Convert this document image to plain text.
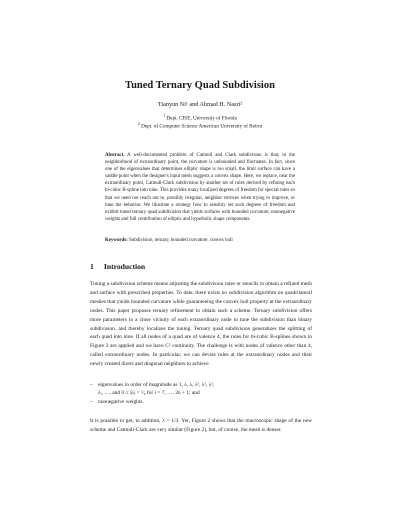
Tuned Ternary Quad Subdivision
Tianyun Ni¹ and Ahmad H. Nasri²
$^1$ Dept. CISE, University of Florida
$^2$ Dept. of Computer Science American University of Beirut

Abstract. A well-documented problem of Catmull and Clark subdivision is that, in the neighborhood of extraordinary point, the curvature is unbounded and fluctuates. In fact, since one of the eigenvalues that determines elliptic shape is too small, the limit surface can have a saddle point when the designer's input mesh suggests a convex shape. Here, we replace, near the extraordinary point, Catmull-Clark subdivision by another set of rules derived by refining each bi-cubic B-spline into nine. This provides many localized degrees of freedom for special rules so that we need not reach out to, possibly irregular, neighbor vertices when trying to improve, or tune the behavior. We illustrate a strategy how to sensibly set such degrees of freedom and exhibit tuned ternary quad subdivision that yields surfaces with bounded curvature, nonnegative weights and full contribution of elliptic and hyperbolic shape components.

Keywords: Subdivision, ternary, bounded curvature, convex hull

1 Introduction

Tuning a subdivision scheme means adjusting the subdivision rules or stencils to obtain a refined mesh and surface with prescribed properties. To date, there exists no subdivision algorithm on quadrilateral meshes that yields bounded curvature while guaranteeing the convex hull property at the extraordinary nodes. This paper proposes ternary refinement to obtain such a scheme. Ternary subdivision offers more parameters in a close vicinity of each extraordinary node to tune the subdivision than binary subdivision, and thereby localizes the tuning. Ternary quad subdivision generalizes the splitting of each quad into nine. If all nodes of a quad are of valence 4, the rules for bi-cubic B-splines shown in Figure 3 are applied and we have C² continuity. The challenge is with nodes of valence other than 4, called extraordinary nodes. In particular, we can devise rules at the extraordinary nodes and their newly created direct and diagonal neighbors to achieve

– eigenvalues in order of magnitude as 1, λ, λ, λ², λ², λ²,
λᵢ, …, and 0 ≤ |λᵢ| < ¹⁄₉ for i = 7, …, 2n + 1; and
– nonnegative weights.

It is possible to get, in addition, λ = 1/3. Yet, Figure 2 shows that the macroscopic shape of the new scheme and Catmull-Clark are very similar (Figure 2), but, of course, the mesh is denser.
